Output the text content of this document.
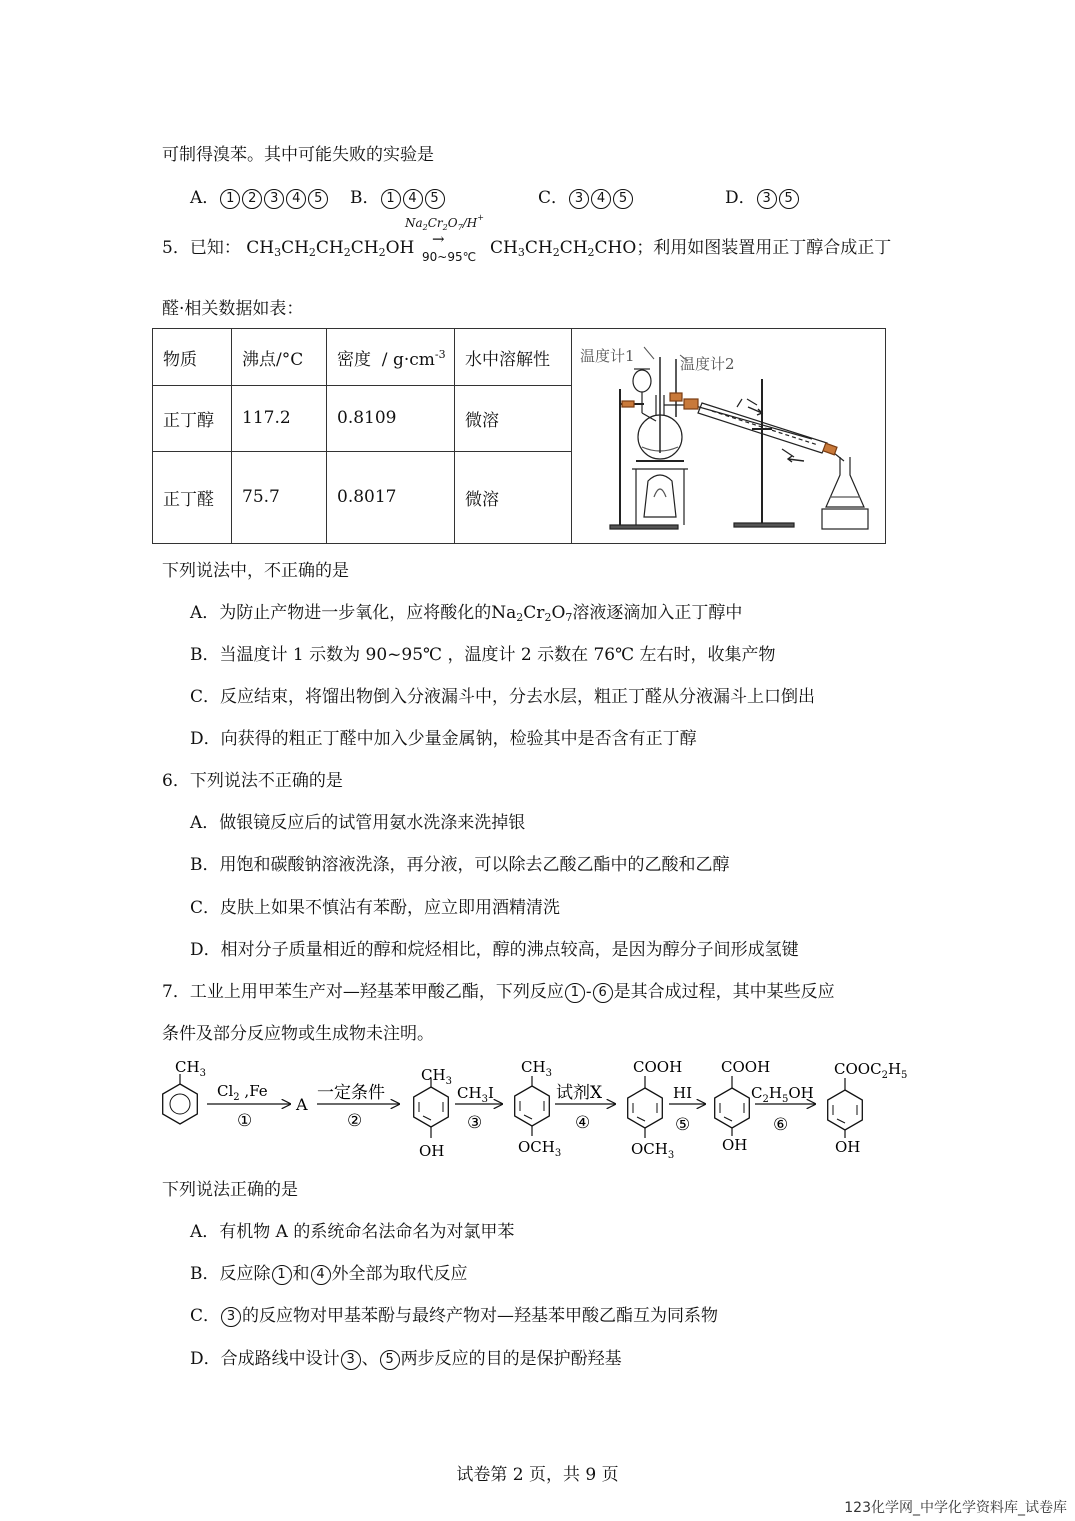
可制得溴苯。其中可能失败的实验是
A． 1 2 3 4 5	B． 1 4 5	C． 3 4 5	D． 3 5
5．已知： $CH_3CH_2CH_2CH_2OH$
$Na_2Cr_2O_7/H^+$
→
90~95℃ $CH_3CH_2CH_2CHO$；利用如图装置用正丁醇合成正丁
醛·相关数据如表：
物质	沸点/°C	密度  / $g\cdot cm^{-3}$	水中溶解性	温度计1 温度计2

正丁醇	117.2	0.8109	微溶	
正丁醛	75.7	0.8017	微溶	
下列说法中，不正确的是
A．为防止产物进一步氧化，应将酸化的$Na_2Cr_2O_7$溶液逐滴加入正丁醇中
B．当温度计 1 示数为 90~95℃ ，温度计 2 示数在 76℃ 左右时，收集产物
C．反应结束，将馏出物倒入分液漏斗中，分去水层，粗正丁醛从分液漏斗上口倒出
D．向获得的粗正丁醛中加入少量金属钠，检验其中是否含有正丁醇
6．下列说法不正确的是
A．做银镜反应后的试管用氨水洗涤来洗掉银
B．用饱和碳酸钠溶液洗涤，再分液，可以除去乙酸乙酯中的乙酸和乙醇
C．皮肤上如果不慎沾有苯酚，应立即用酒精清洗
D．相对分子质量相近的醇和烷烃相比，醇的沸点较高，是因为醇分子间形成氢键
7．工业上用甲苯生产对—羟基苯甲酸乙酯，下列反应 1 - 6 是其合成过程，其中某些反应
条件及部分反应物或生成物未注明。
$CH_3$
$Cl_2$ ,Fe
①
A
一定条件
②
$CH_3$
OH
$CH_3I$
③
$CH_3$
$OCH_3$
试剂X
④
COOH
$OCH_3$
HI
⑤
COOH
OH
$C_2H_5OH$
⑥
$COOC_2H_5$
OH
下列说法正确的是
A．有机物 A 的系统命名法命名为对氯甲苯
B．反应除 1 和 4 外全部为取代反应
C． 3 的反应物对甲基苯酚与最终产物对—羟基苯甲酸乙酯互为同系物
D．合成路线中设计 3 、 5 两步反应的目的是保护酚羟基
试卷第 2 页，共 9 页
123化学网_中学化学资料库_试卷库
